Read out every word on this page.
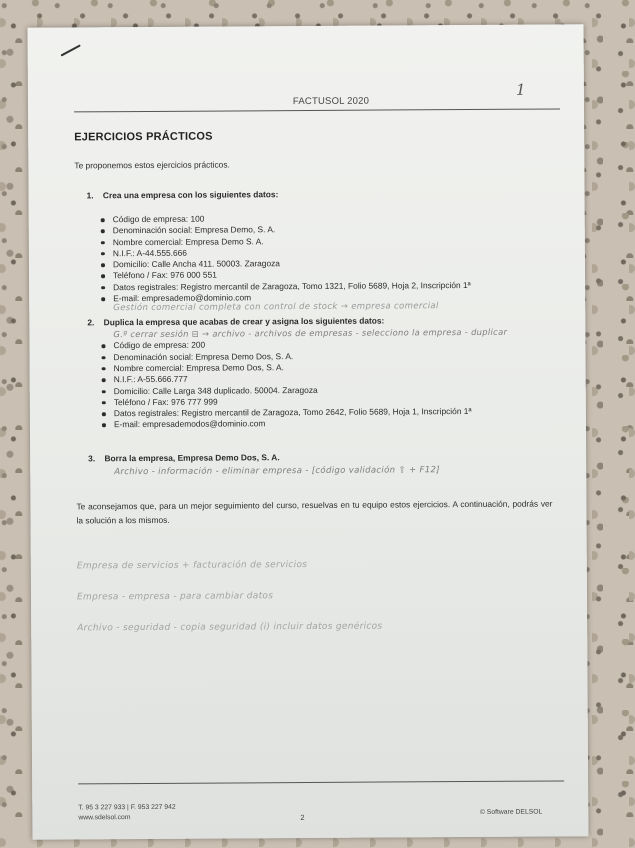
1
FACTUSOL 2020
EJERCICIOS PRÁCTICOS

Te proponemos estos ejercicios prácticos.

1. Crea una empresa con los siguientes datos:
Código de empresa: 100
Denominación social: Empresa Demo, S. A.
Nombre comercial: Empresa Demo S. A.
N.I.F.: A-44.555.666
Domicilio: Calle Ancha 411. 50003. Zaragoza
Teléfono / Fax: 976 000 551
Datos registrales: Registro mercantil de Zaragoza, Tomo 1321, Folio 5689, Hoja 2, Inscripción 1ª
E-mail: empresademo@dominio.com
Gestión comercial completa con control de stock → empresa comercial
2. Duplica la empresa que acabas de crear y asigna los siguientes datos:
G.º cerrar sesión ⊟ → archivo - archivos de empresas - selecciono la empresa - duplicar
Código de empresa: 200
Denominación social: Empresa Demo Dos, S. A.
Nombre comercial: Empresa Demo Dos, S. A.
N.I.F.: A-55.666.777
Domicilio: Calle Larga 348 duplicado. 50004. Zaragoza
Teléfono / Fax: 976 777 999
Datos registrales: Registro mercantil de Zaragoza, Tomo 2642, Folio 5689, Hoja 1, Inscripción 1ª
E-mail: empresademodos@dominio.com
3. Borra la empresa, Empresa Demo Dos, S. A.
Archivo - información - eliminar empresa - [código validación ⇧ + F12]

Te aconsejamos que, para un mejor seguimiento del curso, resuelvas en tu equipo estos ejercicios. A continuación, podrás ver la solución a los mismos.

Empresa de servicios + facturación de servicios
Empresa - empresa - para cambiar datos
Archivo - seguridad - copia seguridad (i) incluir datos genéricos
T. 95 3 227 933 | F. 953 227 942
www.sdelsol.com	2
© Software DELSOL
